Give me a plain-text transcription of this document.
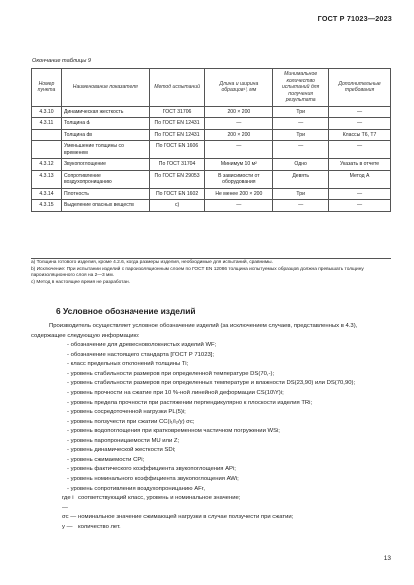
ГОСТ Р 71023—2023
Окончание таблицы 9
Номер пункта	Наименование показателя	Метод испытаний	Длина и ширина образцов¹⁾, мм	Минимальное количество испытаний для получения результата	Дополнительные требования
4.3.10	Динамическая жесткость	ГОСТ 31706	200 × 200	Три	—
4.3.11	Толщина dₗ	По ГОСТ EN 12431	—	—	—
	Толщина dʙ	По ГОСТ EN 12431	200 × 200	Три	Классы Т6, Т7
	Уменьшение толщины со временем	По ГОСТ EN 1606	—	—	—
4.3.12	Звукопоглощение	По ГОСТ 31704	Минимум 10 м²	Одно	Указать в отчете
4.3.13	Сопротивление воздухопроницанию	По ГОСТ EN 29053	В зависимости от оборудования	Девять	Метод А
4.3.14	Плотность	По ГОСТ EN 1602	Не менее 200 × 200	Три	—
4.3.15	Выделение опасных веществ	c)	—	—	—

a) Толщина готового изделия, кроме 4.2.6, когда размеры изделия, необходимые для испытаний, сравнимы.

b) Исключение: При испытании изделий с пароизоляционным слоем по ГОСТ EN 12086 толщина испытуемых образцов должна превышать толщину пароизоляционного слоя на 2—3 мм.

c) Метод в настоящее время не разработан.

6 Условное обозначение изделий

Производитель осуществляет условное обозначение изделий (за исключением случаев, представленных в 4.3), содержащее следующую информацию:

- обозначение для древесноволокнистых изделий WF;

- обозначение настоящего стандарта [ГОСТ Р 71023];

- класс предельных отклонений толщины Ti;

- уровень стабильности размеров при определенной температуре DS(70,-);

- уровень стабильности размеров при определенных температуре и влажности DS(23,90) или DS(70,90);

- уровень прочности на сжатие при 10 %-ной линейной деформации CS(10\Y)i;

- уровень предела прочности при растяжении перпендикулярно к плоскости изделия TRi;

- уровень сосредоточенной нагрузки PL(5)i;

- уровень ползучести при сжатии CC(i₁/i₂/y) σc;

- уровень водопоглощения при кратковременном частичном погружении WSi;

- уровень паропроницаемости MU или Z;

- уровень динамической жесткости SDi;

- уровень сжимаемости CPi;

- уровень фактического коэффициента звукопоглощения APi;

- уровень номинального коэффициента звукопоглощения AWi;

- уровень сопротивления воздухопроницанию AFr,

где i —
соответствующий класс, уровень и номинальное значение;
σc — номинальное значение сжимающей нагрузки в случае ползучести при сжатии;
y — количество лет.
13
